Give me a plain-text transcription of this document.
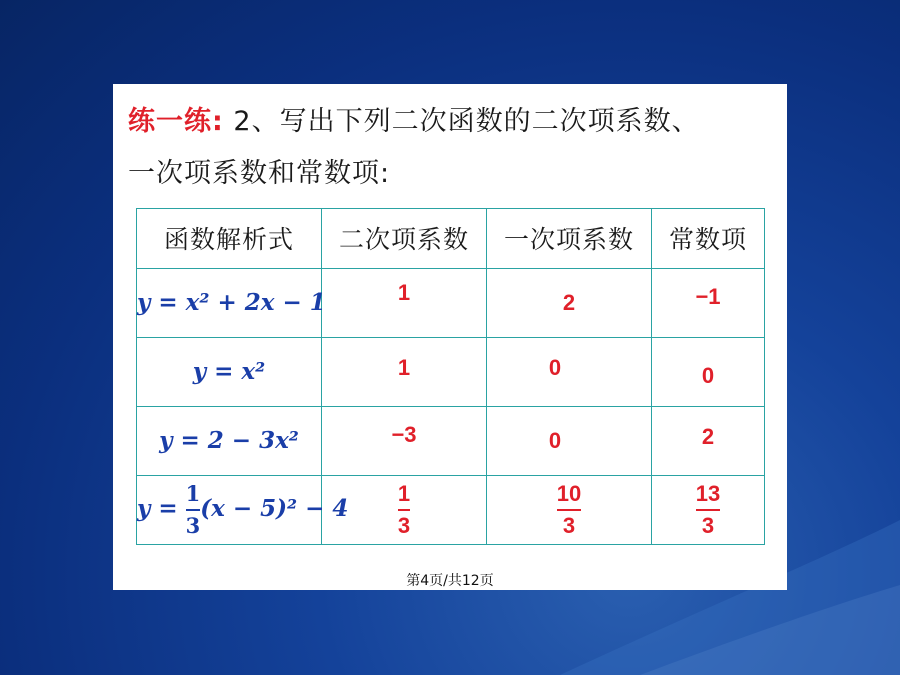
练一练: 2、写出下列二次函数的二次项系数、
一次项系数和常数项:
函数解析式	二次项系数	一次项系数	常数项
y = x² + 2x − 1	1	2	−1
y = x²	1	0	0
y = 2 − 3x²	−3	0	2
$y = \frac{1}{3} (x - 5)^2 - 4$	$\frac{1}{3}$	$\frac{10}{3}$	$\frac{13}{3}$
第4页/共12页
